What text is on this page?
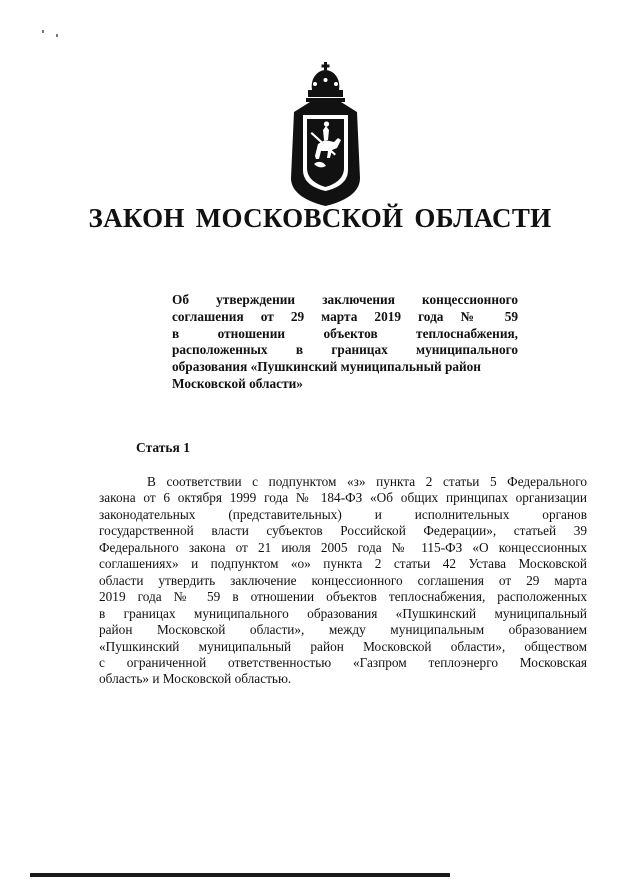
ЗАКОН МОСКОВСКОЙ ОБЛАСТИ
Об утверждении заключения концессионного
соглашения от 29 марта 2019 года № 59
в отношении объектов теплоснабжения,
расположенных в границах муниципального
образования «Пушкинский муниципальный район
Московской области»
Статья 1
В соответствии с подпунктом «з» пункта 2 статьи 5 Федерального
закона от 6 октября 1999 года № 184-ФЗ «Об общих принципах организации
законодательных (представительных) и исполнительных органов
государственной власти субъектов Российской Федерации», статьей 39
Федерального закона от 21 июля 2005 года № 115-ФЗ «О концессионных
соглашениях» и подпунктом «о» пункта 2 статьи 42 Устава Московской
области утвердить заключение концессионного соглашения от 29 марта
2019 года № 59 в отношении объектов теплоснабжения, расположенных
в границах муниципального образования «Пушкинский муниципальный
район Московской области», между муниципальным образованием
«Пушкинский муниципальный район Московской области», обществом
с ограниченной ответственностью «Газпром теплоэнерго Московская
область» и Московской областью.
